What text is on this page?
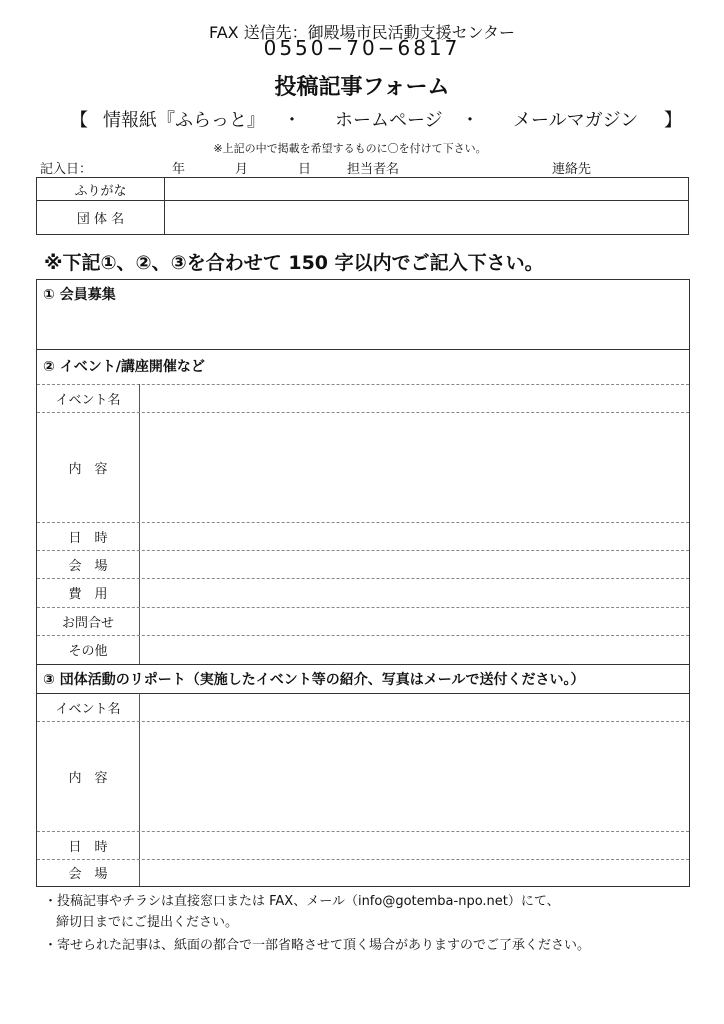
FAX 送信先：御殿場市民活動支援センター
0550−70−6817
投稿記事フォーム
【 情報紙『ふらっと』 ・ ホームページ ・ メールマガジン 】
※上記の中で掲載を希望するものに〇を付けて下さい。
記入日：	年	月	日	担当者名	連絡先
ふりがな
団 体 名
※下記①、②、③を合わせて 150 字以内でご記入下さい。
① 会員募集
② イベント/講座開催など
イベント名
内　容
日　時
会　場
費　用
お問合せ
その他
③ 団体活動のリポート（実施したイベント等の紹介、写真はメールで送付ください。）
イベント名
内　容
日　時
会　場
・投稿記事やチラシは直接窓口または FAX、メール（info@gotemba-npo.net）にて、
締切日までにご提出ください。
・寄せられた記事は、紙面の都合で一部省略させて頂く場合がありますのでご了承ください。
